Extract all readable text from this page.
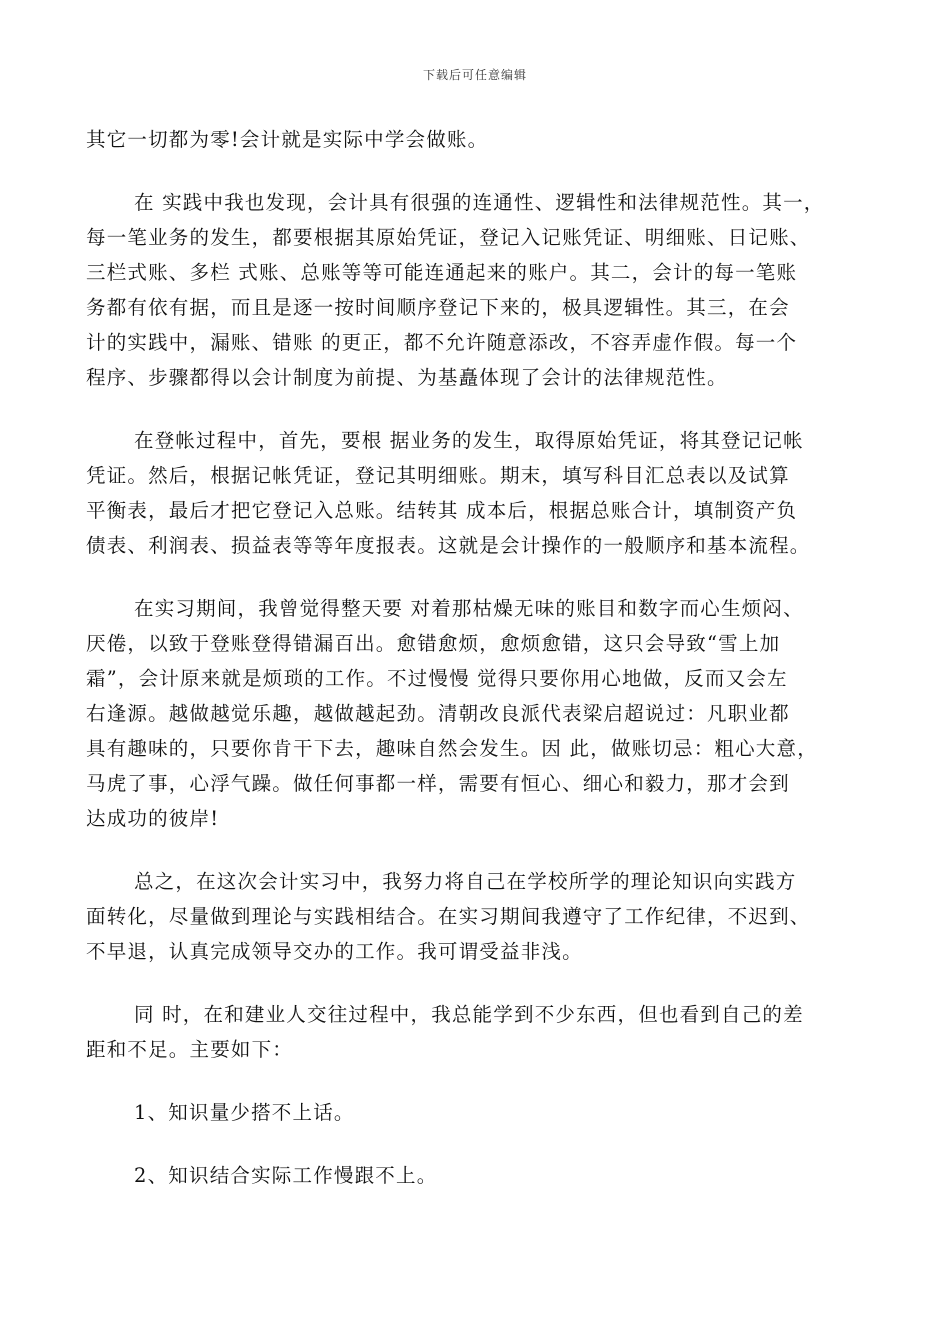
下载后可任意编辑

其它一切都为零!会计就是实际中学会做账。

在 实践中我也发现，会计具有很强的连通性、逻辑性和法律规范性。其一，
每一笔业务的发生，都要根据其原始凭证，登记入记账凭证、明细账、日记账、
三栏式账、多栏 式账、总账等等可能连通起来的账户。其二，会计的每一笔账
务都有依有据，而且是逐一按时间顺序登记下来的，极具逻辑性。其三，在会
计的实践中，漏账、错账 的更正，都不允许随意添改，不容弄虚作假。每一个
程序、步骤都得以会计制度为前提、为基矗体现了会计的法律规范性。

在登帐过程中，首先，要根 据业务的发生，取得原始凭证，将其登记记帐
凭证。然后，根据记帐凭证，登记其明细账。期末，填写科目汇总表以及试算
平衡表，最后才把它登记入总账。结转其 成本后，根据总账合计，填制资产负
债表、利润表、损益表等等年度报表。这就是会计操作的一般顺序和基本流程。

在实习期间，我曾觉得整天要 对着那枯燥无味的账目和数字而心生烦闷、
厌倦，以致于登账登得错漏百出。愈错愈烦，愈烦愈错，这只会导致“雪上加
霜”，会计原来就是烦琐的工作。不过慢慢 觉得只要你用心地做，反而又会左
右逢源。越做越觉乐趣，越做越起劲。清朝改良派代表梁启超说过：凡职业都
具有趣味的，只要你肯干下去，趣味自然会发生。因 此，做账切忌：粗心大意，
马虎了事，心浮气躁。做任何事都一样，需要有恒心、细心和毅力，那才会到
达成功的彼岸!

总之，在这次会计实习中，我努力将自己在学校所学的理论知识向实践方
面转化，尽量做到理论与实践相结合。在实习期间我遵守了工作纪律，不迟到、
不早退，认真完成领导交办的工作。我可谓受益非浅。

同 时，在和建业人交往过程中，我总能学到不少东西，但也看到自己的差
距和不足。主要如下：

1、知识量少搭不上话。

2、知识结合实际工作慢跟不上。
